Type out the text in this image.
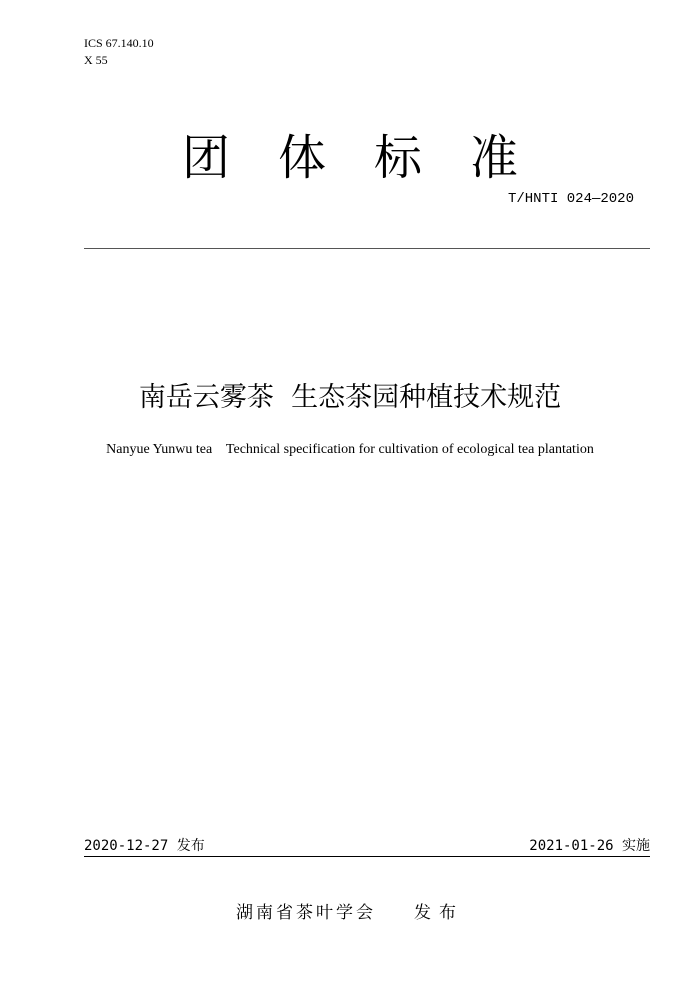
ICS 67.140.10
X 55
团体标准
T/HNTI 024—2020
南岳云雾茶  生态茶园种植技术规范
Nanyue Yunwu tea    Technical specification for cultivation of ecological tea plantation
2020-12-27 发布	2021-01-26 实施
湖南省茶叶学会 发布
